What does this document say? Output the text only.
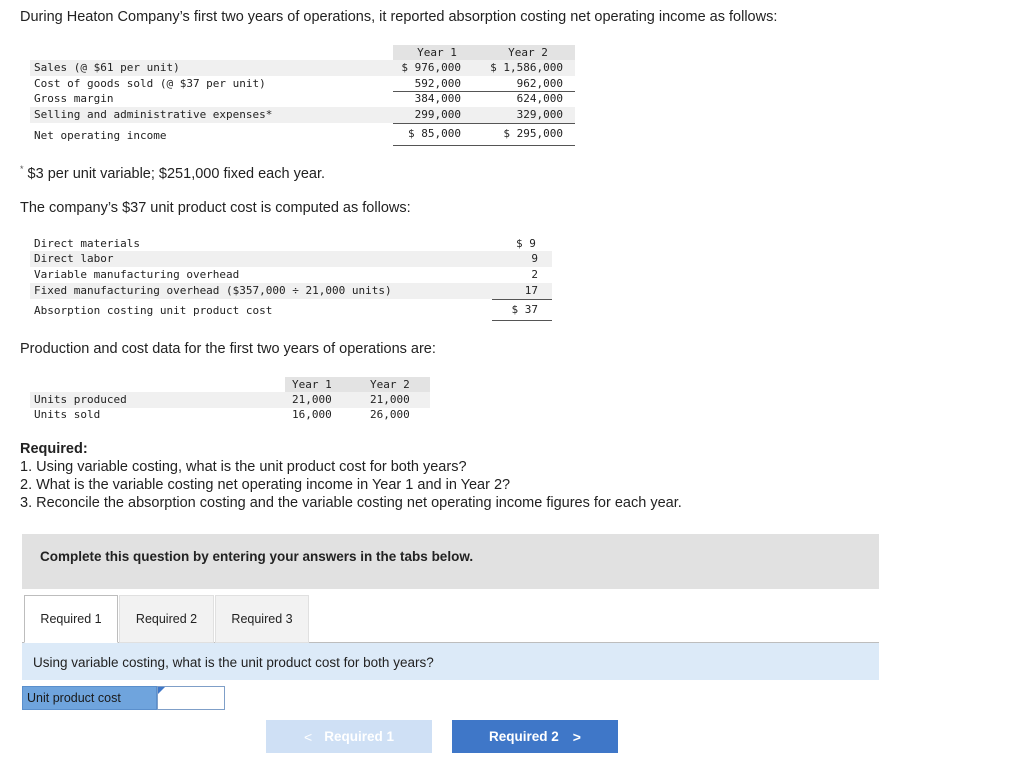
During Heaton Company’s first two years of operations, it reported absorption costing net operating income as follows:
Year 1	Year 2
Sales (@ $61 per unit)	$ 976,000	$ 1,586,000
Cost of goods sold (@ $37 per unit)	592,000	962,000
Gross margin	384,000	624,000
Selling and administrative expenses*	299,000	329,000
Net operating income	$ 85,000	$ 295,000
* $3 per unit variable; $251,000 fixed each year.
The company’s $37 unit product cost is computed as follows:
Direct materials	$ 9
Direct labor	9
Variable manufacturing overhead	2
Fixed manufacturing overhead ($357,000 ÷ 21,000 units)	17
Absorption costing unit product cost	$ 37
Production and cost data for the first two years of operations are:
Year 1	Year 2
Units produced	21,000	21,000
Units sold	16,000	26,000
Required:
1. Using variable costing, what is the unit product cost for both years?
2. What is the variable costing net operating income in Year 1 and in Year 2?
3. Reconcile the absorption costing and the variable costing net operating income figures for each year.
Complete this question by entering your answers in the tabs below.
Required 1	Required 2	Required 3
Using variable costing, what is the unit product cost for both years?
Unit product cost
< Required 1	Required 2 >
